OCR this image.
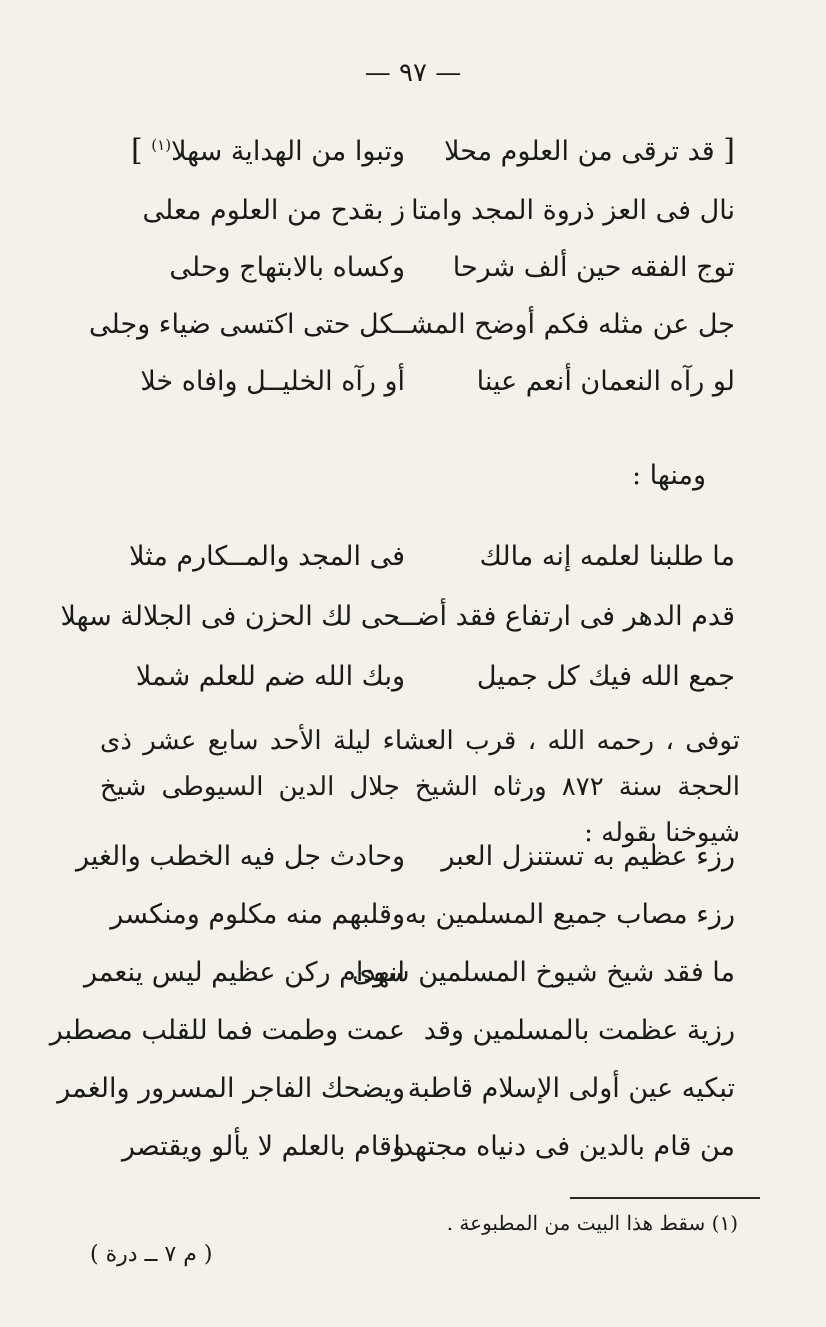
— ٩٧ —
[ قد ترقى من العلوم محلا
وتبوا من الهداية سهلا$^{(١)}$ ]
نال فى العز ذروة المجد وامتا
ز بقدح من العلوم معلى
توج الفقه حين ألف شرحا
وكساه بالابتهاج وحلى
جل عن مثله فكم أوضح المشــكل حتى اكتسى ضياء وجلى
لو رآه النعمان أنعم عينا
أو رآه الخليــل وافاه خلا
ومنها :
ما طلبنا لعلمه إنه مالك
فى المجد والمــكارم مثلا
قدم الدهر فى ارتفاع فقد أضــحى لك الحزن فى الجلالة سهلا
جمع الله فيك كل جميل
وبك الله ضم للعلم شملا
توفى ، رحمه الله ، قرب العشاء ليلة الأحد سابع عشر ذى الحجة سنة ٨٧٢ ورثاه الشيخ جلال الدين السيوطى شيخ شيوخنا بقوله :
رزء عظيم به تستنزل العبر
وحادث جل فيه الخطب والغير
رزء مصاب جميع المسلمين به
وقلبهم منه مكلوم ومنكسر
ما فقد شيخ شيوخ المسلمين سوى
انهدام ركن عظيم ليس ينعمر
رزية عظمت بالمسلمين وقد
عمت وطمت فما للقلب مصطبر
تبكيه عين أولى الإسلام قاطبة
ويضحك الفاجر المسرور والغمر
من قام بالدين فى دنياه مجتهدا
وقام بالعلم لا يألو ويقتصر
(١) سقط هذا البيت من المطبوعة .
( م ٧ ــ درة )
